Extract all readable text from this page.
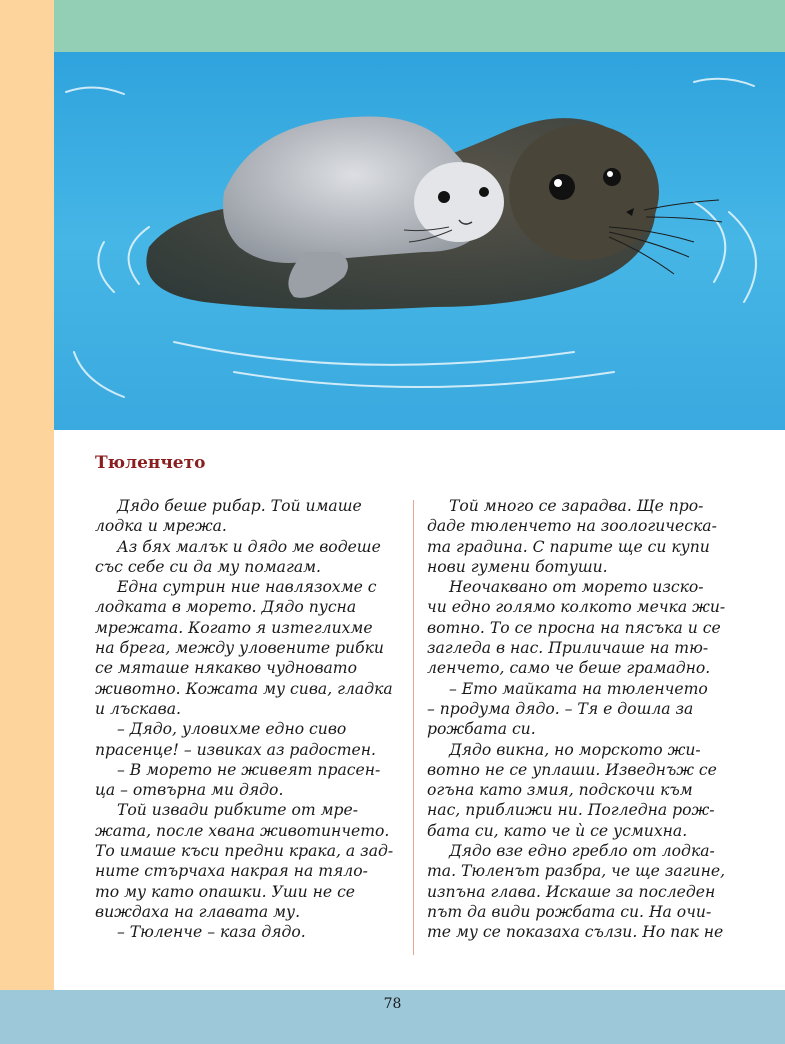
Тюленчето
Дядо беше рибар. Той имаше
лодка и мрежа.
Аз бях малък и дядо ме водеше
със себе си да му помагам.
Една сутрин ние навлязохме с
лодката в морето. Дядо пусна
мрежата. Когато я изтеглихме
на брега, между уловените рибки
се мяташе някакво чудновато
животно. Кожата му сива, гладка
и лъскава.
– Дядо, уловихме едно сиво
прасенце! – извиках аз радостен.
– В морето не живеят прасен-
ца – отвърна ми дядо.
Той извади рибките от мре-
жата, после хвана животинчето.
То имаше къси предни крака, а зад-
ните стърчаха накрая на тяло-
то му като опашки. Уши не се
виждаха на главата му.
– Тюленче – каза дядо.
Той много се зарадва. Ще про-
даде тюленчето на зоологическа-
та градина. С парите ще си купи
нови гумени ботуши.
Неочаквано от морето изско-
чи едно голямо колкото мечка жи-
вотно. То се просна на пясъка и се
загледа в нас. Приличаше на тю-
ленчето, само че беше грамадно.
– Ето майката на тюленчето
– продума дядо. – Тя е дошла за
рожбата си.
Дядо викна, но морското жи-
вотно не се уплаши. Изведнъж се
огъна като змия, подскочи към
нас, приближи ни. Погледна рож-
бата си, като че ѝ се усмихна.
Дядо взе едно гребло от лодка-
та. Тюленът разбра, че ще загине,
изпъна глава. Искаше за последен
път да види рожбата си. На очи-
те му се показаха сълзи. Но пак не
78
